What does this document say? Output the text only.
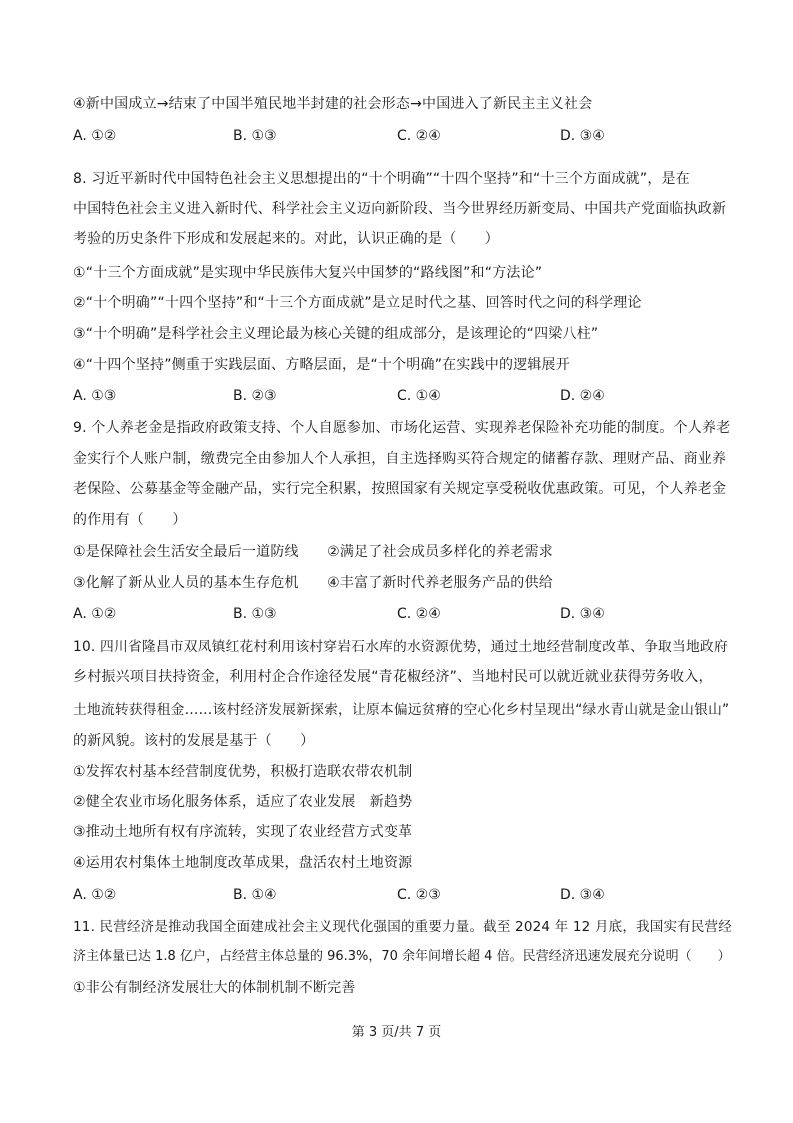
④新中国成立→结束了中国半殖民地半封建的社会形态→中国进入了新民主主义社会
A. ①②	B. ①③	C. ②④	D. ③④
8. 习近平新时代中国特色社会主义思想提出的“十个明确”“十四个坚持”和“十三个方面成就”，是在
中国特色社会主义进入新时代、科学社会主义迈向新阶段、当今世界经历新变局、中国共产党面临执政新
考验的历史条件下形成和发展起来的。对此，认识正确的是（　　）
①“十三个方面成就”是实现中华民族伟大复兴中国梦的“路线图”和“方法论”
②“十个明确”“十四个坚持”和“十三个方面成就”是立足时代之基、回答时代之问的科学理论
③“十个明确”是科学社会主义理论最为核心关键的组成部分，是该理论的“四梁八柱”
④“十四个坚持”侧重于实践层面、方略层面，是“十个明确”在实践中的逻辑展开
A. ①③	B. ②③	C. ①④	D. ②④
9. 个人养老金是指政府政策支持、个人自愿参加、市场化运营、实现养老保险补充功能的制度。个人养老
金实行个人账户制，缴费完全由参加人个人承担，自主选择购买符合规定的储蓄存款、理财产品、商业养
老保险、公募基金等金融产品，实行完全积累，按照国家有关规定享受税收优惠政策。可见，个人养老金
的作用有（　　）
①是保障社会生活安全最后一道防线　　②满足了社会成员多样化的养老需求
③化解了新从业人员的基本生存危机　　④丰富了新时代养老服务产品的供给
A. ①②	B. ①③	C. ②④	D. ③④
10. 四川省隆昌市双凤镇红花村利用该村穿岩石水库的水资源优势，通过土地经营制度改革、争取当地政府
乡村振兴项目扶持资金，利用村企合作途径发展“青花椒经济”、当地村民可以就近就业获得劳务收入，
土地流转获得租金……该村经济发展新探索，让原本偏远贫瘠的空心化乡村呈现出“绿水青山就是金山银山”
的新风貌。该村的发展是基于（　　）
①发挥农村基本经营制度优势，积极打造联农带农机制
②健全农业市场化服务体系，适应了农业发展　新趋势
③推动土地所有权有序流转，实现了农业经营方式变革
④运用农村集体土地制度改革成果，盘活农村土地资源
A. ①②	B. ①④	C. ②③	D. ③④
11. 民营经济是推动我国全面建成社会主义现代化强国的重要力量。截至 2024 年 12 月底，我国实有民营经
济主体量已达 1.8 亿户，占经营主体总量的 96.3%，70 余年间增长超 4 倍。民营经济迅速发展充分说明（　　）
①非公有制经济发展壮大的体制机制不断完善
第 3 页/共 7 页
